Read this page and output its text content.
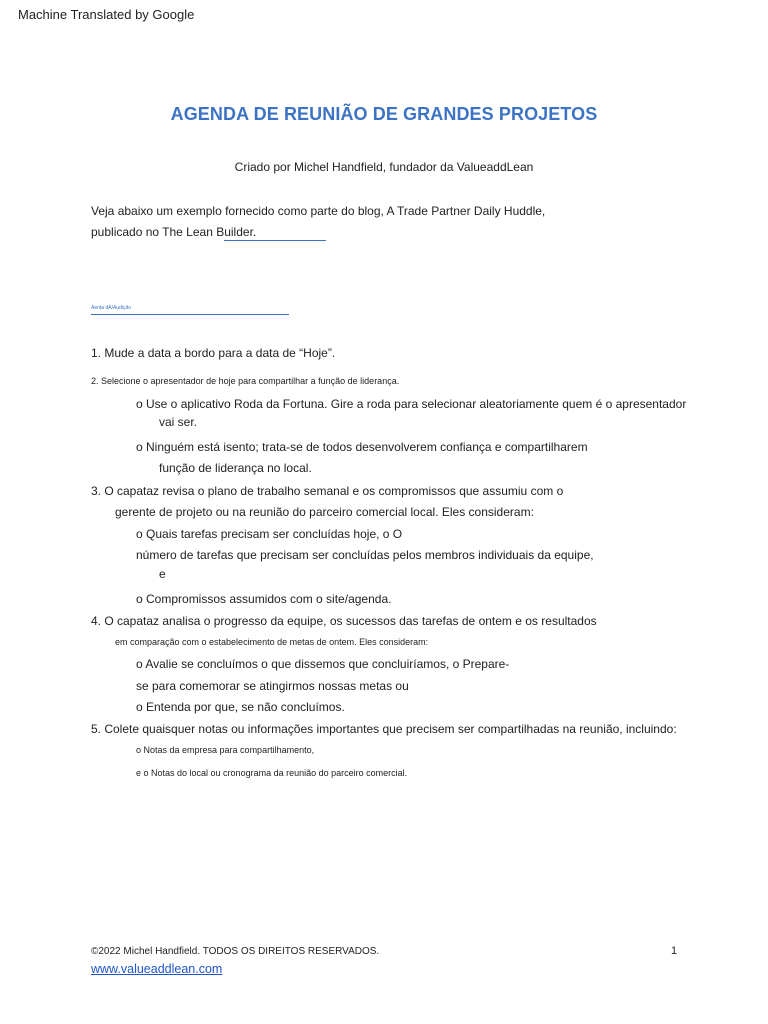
Machine Translated by Google
AGENDA DE REUNIÃO DE GRANDES PROJETOS
Criado por Michel Handfield, fundador da ValueaddLean
Veja abaixo um exemplo fornecido como parte do blog, A Trade Partner Daily Huddle,
publicado no The Lean Builder.
Aenta dA/Audição
1. Mude a data a bordo para a data de “Hoje”.
2. Selecione o apresentador de hoje para compartilhar a função de liderança.
o Use o aplicativo Roda da Fortuna. Gire a roda para selecionar aleatoriamente quem é o apresentador
vai ser.
o Ninguém está isento; trata-se de todos desenvolverem confiança e compartilharem
função de liderança no local.
3. O capataz revisa o plano de trabalho semanal e os compromissos que assumiu com o
gerente de projeto ou na reunião do parceiro comercial local. Eles consideram:
o Quais tarefas precisam ser concluídas hoje, o O
número de tarefas que precisam ser concluídas pelos membros individuais da equipe,
e
o Compromissos assumidos com o site/agenda.
4. O capataz analisa o progresso da equipe, os sucessos das tarefas de ontem e os resultados
em comparação com o estabelecimento de metas de ontem. Eles consideram:
o Avalie se concluímos o que dissemos que concluiríamos, o Prepare-
se para comemorar se atingirmos nossas metas ou
o Entenda por que, se não concluímos.
5. Colete quaisquer notas ou informações importantes que precisem ser compartilhadas na reunião, incluindo:
o Notas da empresa para compartilhamento,
e o Notas do local ou cronograma da reunião do parceiro comercial.
©2022 Michel Handfield. TODOS OS DIREITOS RESERVADOS.
www.valueaddlean.com
1
